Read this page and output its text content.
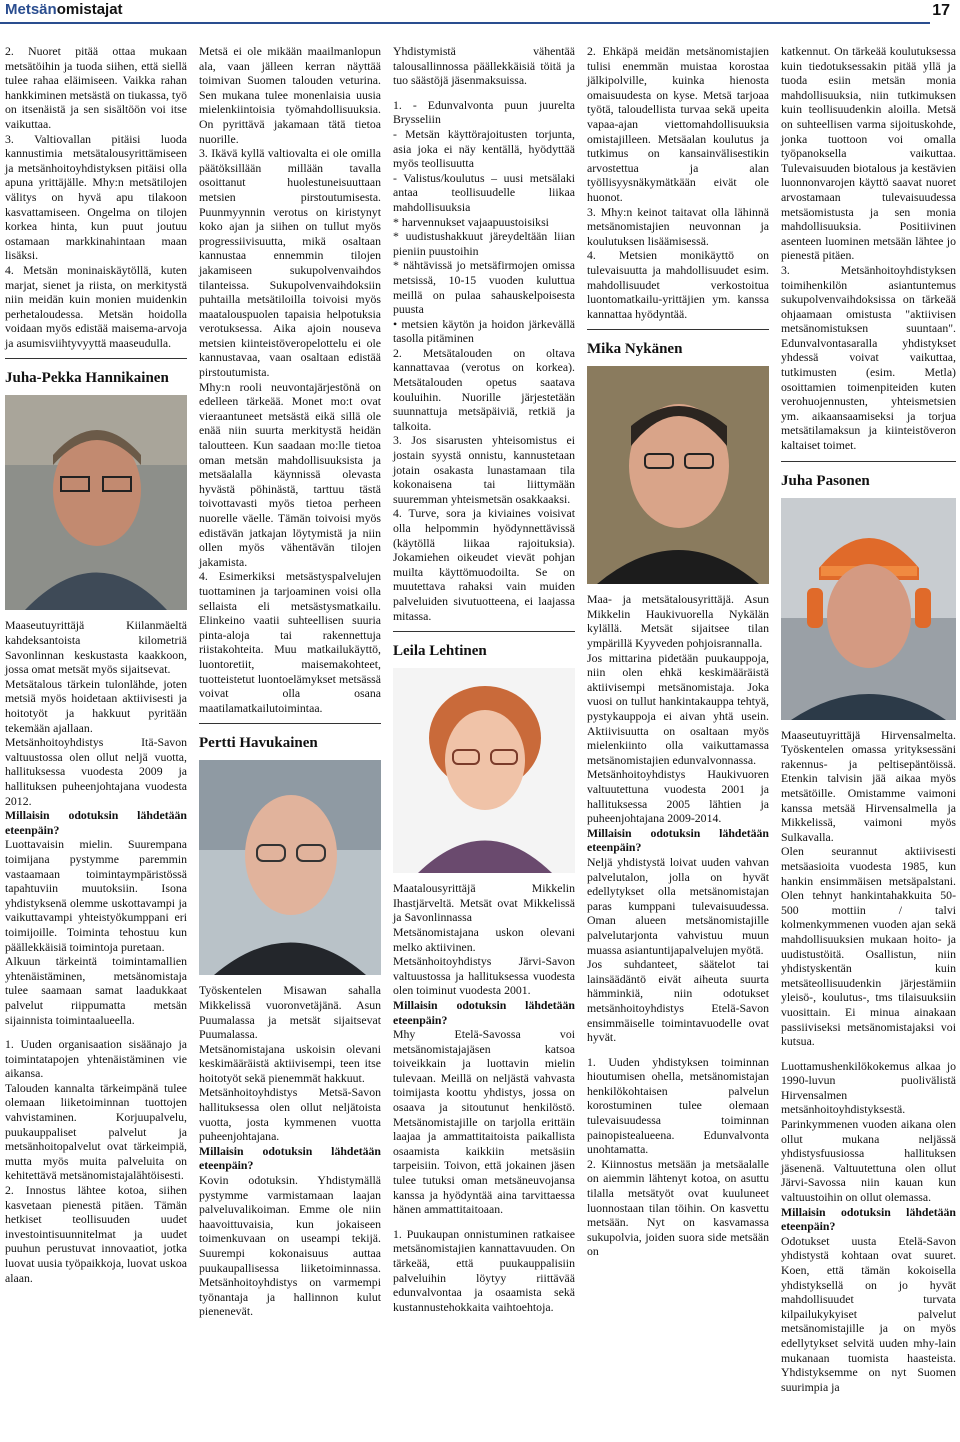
Metsänomistajat	17

2. Nuoret pitää ottaa mukaan metsätöihin ja tuoda siihen, että siellä tulee rahaa eläimiseen. Vaikka rahan hankkiminen metsästä on tiukassa, työ on itsenäistä ja sen sisältöön voi itse vaikuttaa.

3. Valtiovallan pitäisi luoda kannustimia metsätalousyrittämiseen ja metsänhoitoyhdistyksen pitäisi olla apuna yrittäjälle. Mhy:n metsätilojen välitys on hyvä apu tilakoon kasvattamiseen. Ongelma on tilojen korkea hinta, kun puut joutuu ostamaan markkinahintaan maan lisäksi.

4. Metsän moninaiskäytöllä, kuten marjat, sienet ja riista, on merkitystä niin meidän kuin monien muidenkin perhetaloudessa. Metsän hoidolla voidaan myös edistää maisema-arvoja ja asumisviihtyvyyttä maaseudulla.

Juha-Pekka Hannikainen

Maaseutuyrittäjä Kiilanmäeltä kahdeksantoista kilometriä Savonlinnan keskustasta kaakkoon, jossa omat metsät myös sijaitsevat.

Metsätalous tärkein tulonlähde, joten metsiä myös hoidetaan aktiivisesti ja hoitotyöt ja hakkuut pyritään tekemään ajallaan.

Metsänhoitoyhdistys Itä-Savon valtuustossa olen ollut neljä vuotta, hallituksessa vuodesta 2009 ja hallituksen puheenjohtajana vuodesta 2012.

Millaisin odotuksin lähdetään eteenpäin?

Luottavaisin mielin. Suurempana toimijana pystymme paremmin vastaamaan toimintaympäristössä tapahtuviin muutoksiin. Isona yhdistyksenä olemme uskottavampi ja vaikuttavampi yhteistyökumppani eri toimijoille. Toiminta tehostuu kun päällekkäisiä toimintoja puretaan.

Alkuun tärkeintä toimintamallien yhtenäistäminen, metsänomistaja tulee saamaan samat laadukkaat palvelut riippumatta metsän sijainnista toimintaalueella.

1. Uuden organisaation sisäänajo ja toimintatapojen yhtenäistäminen vie aikansa.

Talouden kannalta tärkeimpänä tulee olemaan liiketoiminnan tuottojen vahvistaminen. Korjuupalvelu, puukauppaliset palvelut ja metsänhoitopalvelut ovat tärkeimpiä, mutta myös muita palveluita on kehitettävä metsänomistajalähtöisesti.

2. Innostus lähtee kotoa, siihen kasvetaan pienestä pitäen. Tämän hetkiset teollisuuden uudet investointisuunnitelmat ja uudet puuhun perustuvat innovaatiot, jotka luovat uusia työpaikkoja, luovat uskoa alaan.

Metsä ei ole mikään maailmanlopun ala, vaan jälleen kerran näyttää toimivan Suomen talouden veturina. Sen mukana tulee monenlaisia uusia mielenkiintoisia työmahdollisuuksia. On pyrittävä jakamaan tätä tietoa nuorille.

3. Ikävä kyllä valtiovalta ei ole omilla päätöksillään millään tavalla osoittanut huolestuneisuuttaan metsien pirstoutumisesta. Puunmyynnin verotus on kiristynyt koko ajan ja siihen on tullut myös progressiivisuutta, mikä osaltaan kannustaa ennemmin tilojen jakamiseen sukupolvenvaihdos tilanteissa. Sukupolvenvaihdoksiin puhtailla metsätiloilla toivoisi myös maatalouspuolen tapaisia helpotuksia verotuksessa. Aika ajoin nouseva metsien kiinteistöveropelottelu ei ole kannustavaa, vaan osaltaan edistää pirstoutumista.

Mhy:n rooli neuvontajärjestönä on edelleen tärkeää. Monet mo:t ovat vieraantuneet metsästä eikä sillä ole enää niin suurta merkitystä heidän taloutteen. Kun saadaan mo:lle tietoa oman metsän mahdollisuuksista ja metsäalalla käynnissä olevasta hyvästä pöhinästä, tarttuu tästä toivottavasti myös tietoa perheen nuorelle väelle. Tämän toivoisi myös edistävän jatkajan löytymistä ja niin ollen myös vähentävän tilojen jakamista.

4. Esimerkiksi metsästyspalvelujen tuottaminen ja tarjoaminen voisi olla sellaista eli metsästysmatkailu. Elinkeino vaatii suhteellisen suuria pinta-aloja tai rakennettuja riistakohteita. Muu matkailukäyttö, luontoretiit, maisemakohteet, tuotteistetut luontoelämykset metsässä voivat olla osana maatilamatkailutoimintaa.

Pertti Havukainen

Työskentelen Misawan sahalla Mikkelissä vuoronvetäjänä. Asun Puumalassa ja metsät sijaitsevat Puumalassa.

Metsänomistajana uskoisin olevani keskimääräistä aktiivisempi, teen itse hoitotyöt sekä pienemmät hakkuut.

Metsänhoitoyhdistys Metsä-Savon hallituksessa olen ollut neljätoista vuotta, josta kymmenen vuotta puheenjohtajana.

Millaisin odotuksin lähdetään eteenpäin?

Kovin odotuksin. Yhdistymällä pystymme varmistamaan laajan palveluvalikoiman. Emme ole niin haavoittuvaisia, kun jokaiseen toimenkuvaan on useampi tekijä. Suurempi kokonaisuus auttaa puukaupallisessa liiketoiminnassa. Metsänhoitoyhdistys on varmempi työnantaja ja hallinnon kulut pienenevät.

Yhdistymistä vähentää talousallinnossa päällekkäisiä töitä ja tuo säästöjä jäsenmaksuissa.

1. - Edunvalvonta puun juurelta Brysseliin

- Metsän käyttörajoitusten torjunta, asia joka ei näy kentällä, hyödyttää myös teollisuutta

- Valistus/koulutus – uusi metsälaki antaa teollisuudelle liikaa mahdollisuuksia

* harvennukset vajaapuustoisiksi

* uudistushakkuut järeydeltään liian pieniin puustoihin

* nähtävissä jo metsäfirmojen omissa metsissä, 10-15 vuoden kuluttua meillä on pulaa sahauskelpoisesta puusta

• metsien käytön ja hoidon järkevällä tasolla pitäminen

2. Metsätalouden on oltava kannattavaa (verotus on korkea). Metsätalouden opetus saatava kouluihin. Nuorille järjestetään suunnattuja metsäpäiviä, retkiä ja talkoita.

3. Jos sisarusten yhteisomistus ei jostain syystä onnistu, kannustetaan jotain osakasta lunastamaan tila kokonaisena tai liittymään suuremman yhteismetsän osakkaaksi.

4. Turve, sora ja kiviaines voisivat olla helpommin hyödynnettävissä (käytöllä liikaa rajoituksia). Jokamiehen oikeudet vievät pohjan muilta käyttömuodoilta. Se on muutettava rahaksi vain muiden palveluiden sivutuotteena, ei laajassa mitassa.

Leila Lehtinen

Maatalousyrittäjä Mikkelin Ihastjärveltä. Metsät ovat Mikkelissä ja Savonlinnassa

Metsänomistajana uskon olevani melko aktiivinen.

Metsänhoitoyhdistys Järvi-Savon valtuustossa ja hallituksessa vuodesta olen toiminut vuodesta 2001.

Millaisin odotuksin lähdetään eteenpäin?

Mhy Etelä-Savossa voi metsänomistajajäsen katsoa toiveikkain ja luottavin mielin tulevaan. Meillä on neljästä vahvasta toimijasta koottu yhdistys, jossa on osaava ja sitoutunut henkilöstö. Metsänomistajille on tarjolla erittäin laajaa ja ammattitaitoista paikallista osaamista kaikkiin metsäsiin tarpeisiin. Toivon, että jokainen jäsen tulee tutuksi oman metsäneuvojansa kanssa ja hyödyntää aina tarvittaessa hänen ammattitaitoaan.

1. Puukaupan onnistuminen ratkaisee metsänomistajien kannattavuuden. On tärkeää, että puukauppalisiin palveluihin löytyy riittävää edunvalvontaa ja osaamista sekä kustannustehokkaita vaihtoehtoja.

2. Ehkäpä meidän metsänomistajien tulisi enemmän muistaa korostaa jälkipolville, kuinka hienosta omaisuudesta on kyse. Metsä tarjoaa työtä, taloudellista turvaa sekä upeita vapaa-ajan viettomahdollisuuksia omistajilleen. Metsäalan koulutus ja tutkimus on kansainvälisestikin arvostettua ja alan työllisyysnäkymätkään eivät ole huonot.

3. Mhy:n keinot taitavat olla lähinnä metsänomistajien neuvonnan ja koulutuksen lisäämisessä.

4. Metsien monikäyttö on tulevaisuutta ja mahdollisuudet esim. mahdollisuudet verkostoitua luontomatkailu-yrittäjien ym. kanssa kannattaa hyödyntää.

Mika Nykänen

Maa- ja metsätalousyrittäjä. Asun Mikkelin Haukivuorella Nykälän kylällä. Metsät sijaitsee tilan ympärillä Kyyveden pohjoisrannalla.

Jos mittarina pidetään puukauppoja, niin olen ehkä keskimääräistä aktiivisempi metsänomistaja. Joka vuosi on tullut hankintakauppa tehtyä, pystykauppoja ei aivan yhtä usein. Aktiivisuutta on osaltaan myös mielenkiinto olla vaikuttamassa metsänomistajien edunvalvonnassa.

Metsänhoitoyhdistys Haukivuoren valtuutettuna vuodesta 2001 ja hallituksessa 2005 lähtien ja puheenjohtajana 2009-2014.

Millaisin odotuksin lähdetään eteenpäin?

Neljä yhdistystä loivat uuden vahvan palvelutalon, jolla on hyvät edellytykset olla metsänomistajan paras kumppani tulevaisuudessa. Oman alueen metsänomistajille palvelutarjonta vahvistuu muun muassa asiantuntijapalvelujen myötä.

Jos suhdanteet, säätelot tai lainsäädäntö eivät aiheuta suurta hämminkiä, niin odotukset metsänhoitoyhdistys Etelä-Savon ensimmäiselle toimintavuodelle ovat hyvät.

1. Uuden yhdistyksen toiminnan hioutumisen ohella, metsänomistajan henkilökohtaisen palvelun korostuminen tulee olemaan tulevaisuudessa toiminnan painopistealueena. Edunvalvonta unohtamatta.

2. Kiinnostus metsään ja metsäalalle on aiemmin lähtenyt kotoa, on asuttu tilalla metsätyöt ovat kuuluneet luonnostaan tilan töihin. On kasvettu metsään. Nyt on kasvamassa sukupolvia, joiden suora side metsään on

katkennut. On tärkeää koulutuksessa kuin tiedotuksessakin pitää yllä ja tuoda esiin metsän monia mahdollisuuksia, niin tutkimuksen kuin teollisuudenkin aloilla. Metsä on suhteellisen varma sijoituskohde, jonka tuottoon voi omalla työpanoksella vaikuttaa. Tulevaisuuden biotalous ja kestävien luonnonvarojen käyttö saavat nuoret arvostamaan tulevaisuudessa metsäomistusta ja sen monia mahdollisuuksia. Positiivinen asenteen luominen metsään lähtee jo pienestä pitäen.

3. Metsänhoitoyhdistyksen toimihenkilön asiantuntemus sukupolvenvaihdoksissa on tärkeää ohjaamaan omistusta "aktiivisen metsänomistuksen suuntaan". Edunvalvontasaralla yhdistykset yhdessä voivat vaikuttaa, tutkimusten (esim. Metla) osoittamien toimenpiteiden kuten verohuojennusten, yhteismetsien ym. aikaansaamiseksi ja torjua metsätilamaksun ja kiinteistöveron kaltaiset toimet.

Juha Pasonen

Maaseutuyrittäjä Hirvensalmelta. Työskentelen omassa yrityksessäni rakennus- ja peltisepäntöissä. Etenkin talvisin jää aikaa myös metsätöille. Omistamme vaimoni kanssa metsää Hirvensalmella ja Mikkelissä, vaimoni myös Sulkavalla.

Olen seurannut aktiivisesti metsäasioita vuodesta 1985, kun hankin ensimmäisen metsäpalstani. Olen tehnyt hankintahakkuita 50-500 mottiin / talvi kolmenkymmenen vuoden ajan sekä mahdollisuuksien mukaan hoito- ja uudistustöitä. Osallistun, niin yhdistyskentän kuin metsäteollisuudenkin järjestämiin yleisö-, koulutus-, tms tilaisuuksiin vuosittain. Ei minua ainakaan passiiviseksi metsänomistajaksi voi kutsua.

Luottamushenkilökokemus alkaa jo 1990-luvun puolivälistä Hirvensalmen metsänhoitoyhdistyksestä. Parinkymmenen vuoden aikana olen ollut mukana neljässä yhdistysfuusiossa hallituksen jäsenenä. Valtuutettuna olen ollut Järvi-Savossa niin kauan kun valtuustoihin on ollut olemassa.

Millaisin odotuksin lähdetään eteenpäin?

Odotukset uusta Etelä-Savon yhdistystä kohtaan ovat suuret. Koen, että tämän kokoisella yhdistyksellä on jo hyvät mahdollisuudet turvata kilpailukykyiset palvelut metsänomistajille ja on myös edellytykset selvitä uuden mhy-lain mukanaan tuomista haasteista. Yhdistyksemme on nyt Suomen suurimpia ja
